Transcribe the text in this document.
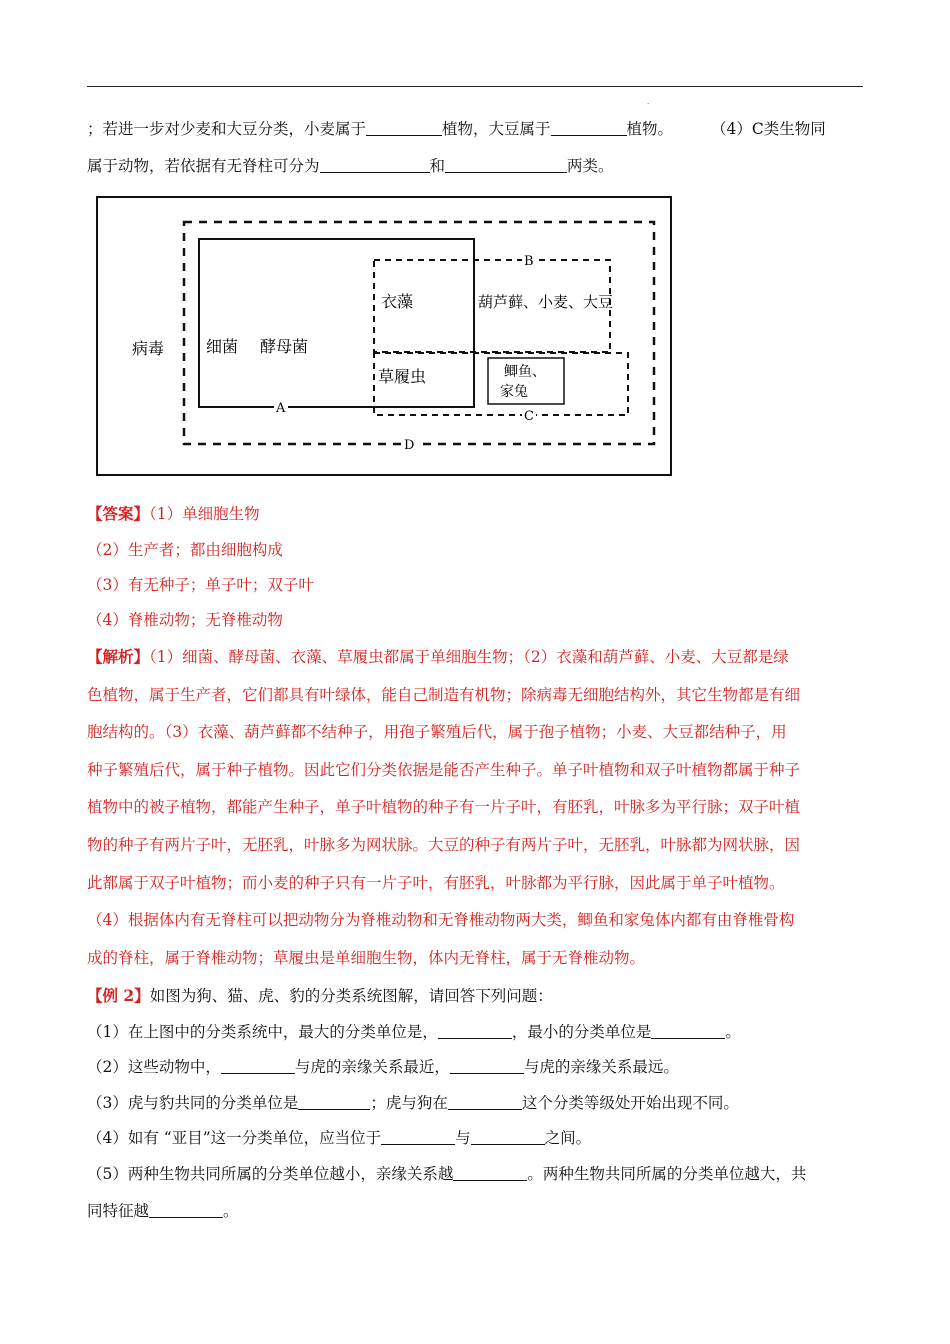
.
；若进一步对少麦和大豆分类，小麦属于	植物，大豆属于	植物。 （4）C类生物同
属于动物，若依据有无脊柱可分为	和	两类。
病毒	细菌 酵母菌
衣藻	葫芦藓、小麦、大豆
草履虫	鲫鱼、
家兔
A
B
C
D
【答案】（1）单细胞生物
（2）生产者；都由细胞构成
（3）有无种子；单子叶；双子叶
（4）脊椎动物；无脊椎动物
【解析】（1）细菌、酵母菌、衣藻、草履虫都属于单细胞生物；（2）衣藻和葫芦藓、小麦、大豆都是绿
色植物，属于生产者，它们都具有叶绿体，能自己制造有机物；除病毒无细胞结构外，其它生物都是有细
胞结构的。（3）衣藻、葫芦藓都不结种子，用孢子繁殖后代，属于孢子植物；小麦、大豆都结种子，用
种子繁殖后代，属于种子植物。因此它们分类依据是能否产生种子。单子叶植物和双子叶植物都属于种子
植物中的被子植物，都能产生种子，单子叶植物的种子有一片子叶，有胚乳，叶脉多为平行脉；双子叶植
物的种子有两片子叶，无胚乳，叶脉多为网状脉。大豆的种子有两片子叶，无胚乳，叶脉都为网状脉，因
此都属于双子叶植物；而小麦的种子只有一片子叶，有胚乳，叶脉都为平行脉，因此属于单子叶植物。
（4）根据体内有无脊柱可以把动物分为脊椎动物和无脊椎动物两大类，鲫鱼和家兔体内都有由脊椎骨构
成的脊柱，属于脊椎动物；草履虫是单细胞生物，体内无脊柱，属于无脊椎动物。
【例 2】如图为狗、猫、虎、豹的分类系统图解，请回答下列问题：
（1）在上图中的分类系统中，最大的分类单位是，	，最小的分类单位是	。
（2）这些动物中，	与虎的亲缘关系最近，	与虎的亲缘关系最远。
（3）虎与豹共同的分类单位是	；虎与狗在	这个分类等级处开始出现不同。
（4）如有 “亚目”这一分类单位，应当位于	与	之间。
（5）两种生物共同所属的分类单位越小，亲缘关系越	。两种生物共同所属的分类单位越大，共
同特征越	。
